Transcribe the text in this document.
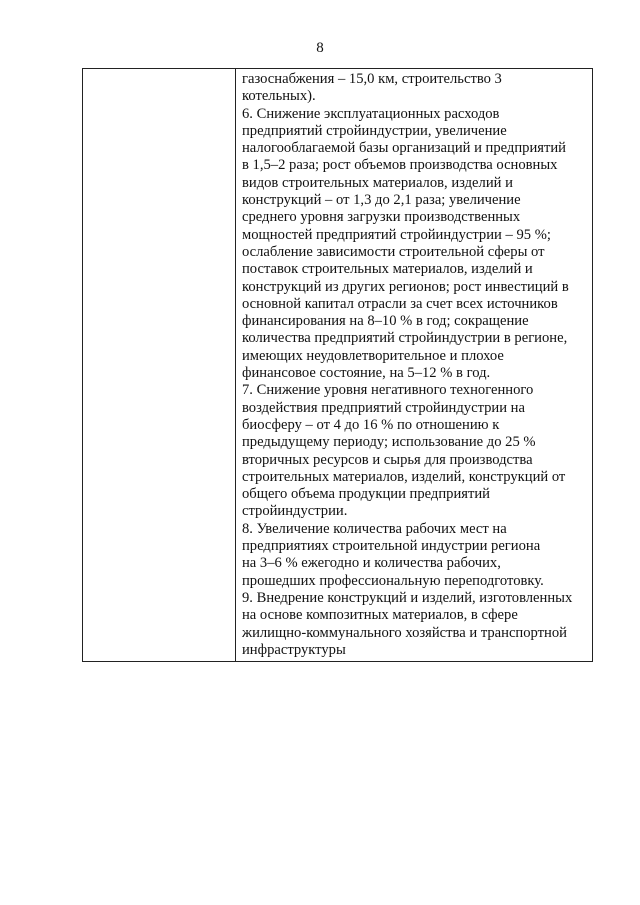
8

газоснабжения – 15,0 км, строительство 3
котельных).
6. Снижение эксплуатационных расходов
предприятий стройиндустрии, увеличение
налогооблагаемой базы организаций и предприятий
в 1,5–2 раза; рост объемов производства основных
видов строительных материалов, изделий и
конструкций – от 1,3 до 2,1 раза; увеличение
среднего уровня загрузки производственных
мощностей предприятий стройиндустрии – 95 %;
ослабление зависимости строительной сферы от
поставок строительных материалов, изделий и
конструкций из других регионов; рост инвестиций в
основной капитал отрасли за счет всех источников
финансирования на 8–10 % в год; сокращение
количества предприятий стройиндустрии в регионе,
имеющих неудовлетворительное и плохое
финансовое состояние, на 5–12 % в год.
7. Снижение уровня негативного техногенного
воздействия предприятий стройиндустрии на
биосферу – от 4 до 16 % по отношению к
предыдущему периоду; использование до 25 %
вторичных ресурсов и сырья для производства
строительных материалов, изделий, конструкций от
общего объема продукции предприятий
стройиндустрии.
8. Увеличение количества рабочих мест на
предприятиях строительной индустрии региона
на 3–6 % ежегодно и количества рабочих,
прошедших профессиональную переподготовку.
9. Внедрение конструкций и изделий, изготовленных
на основе композитных материалов, в сфере
жилищно-коммунального хозяйства и транспортной
инфраструктуры
